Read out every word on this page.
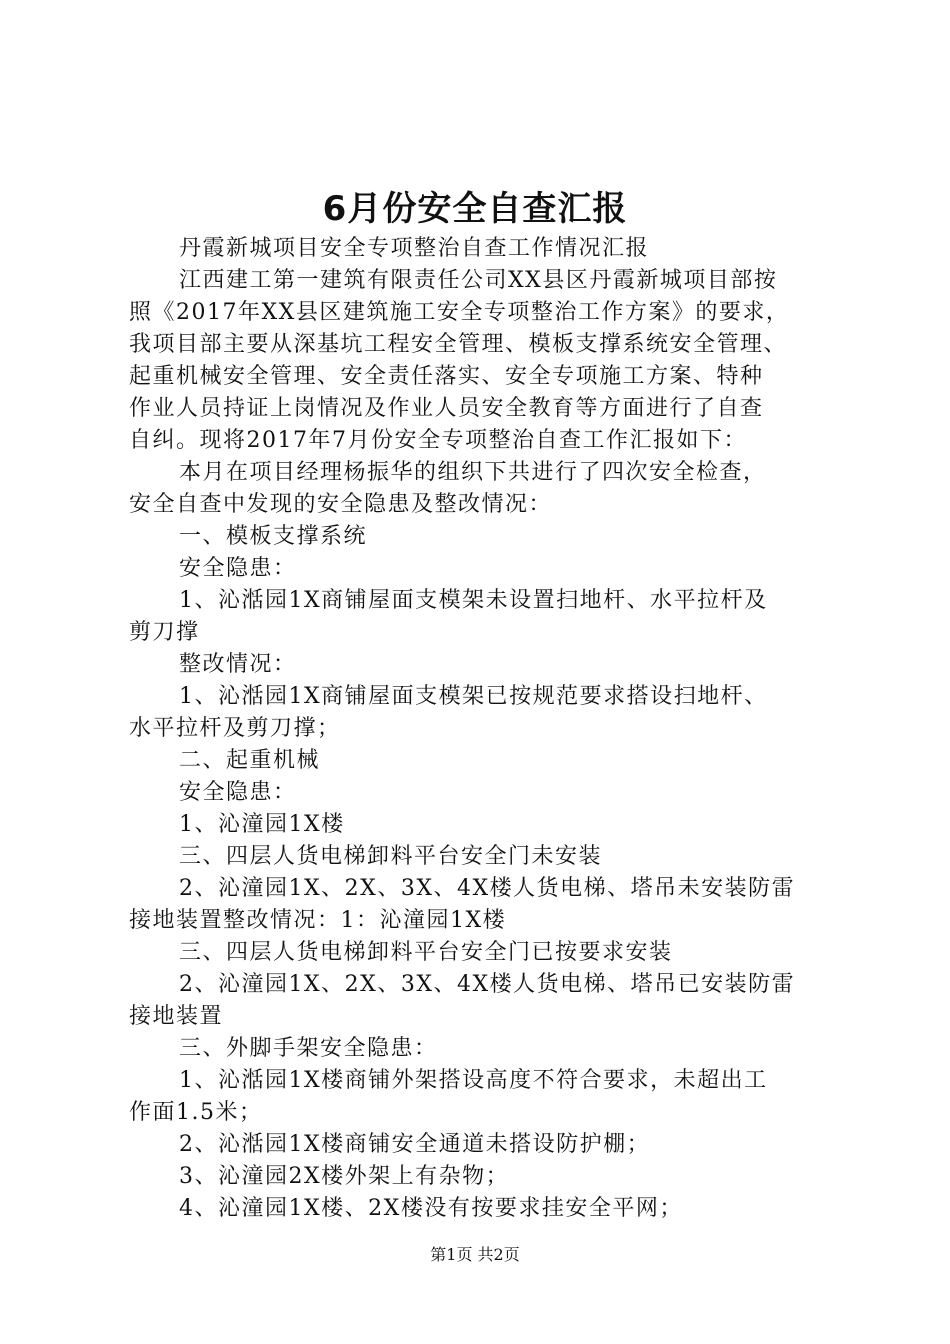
6月份安全自查汇报

丹霞新城项目安全专项整治自查工作情况汇报

江西建工第一建筑有限责任公司XX县区丹霞新城项目部按

照《2017年XX县区建筑施工安全专项整治工作方案》的要求，

我项目部主要从深基坑工程安全管理、模板支撑系统安全管理、

起重机械安全管理、安全责任落实、安全专项施工方案、特种

作业人员持证上岗情况及作业人员安全教育等方面进行了自查

自纠。现将2017年7月份安全专项整治自查工作汇报如下：

本月在项目经理杨振华的组织下共进行了四次安全检查，

安全自查中发现的安全隐患及整改情况：

一、模板支撑系统

安全隐患：

1、沁湉园1X商铺屋面支模架未设置扫地杆、水平拉杆及

剪刀撑

整改情况：

1、沁湉园1X商铺屋面支模架已按规范要求搭设扫地杆、

水平拉杆及剪刀撑；

二、起重机械

安全隐患：

1、沁潼园1X楼

三、四层人货电梯卸料平台安全门未安装

2、沁潼园1X、2X、3X、4X楼人货电梯、塔吊未安装防雷

接地装置整改情况：1：沁潼园1X楼

三、四层人货电梯卸料平台安全门已按要求安装

2、沁潼园1X、2X、3X、4X楼人货电梯、塔吊已安装防雷

接地装置

三、外脚手架安全隐患：

1、沁湉园1X楼商铺外架搭设高度不符合要求，未超出工

作面1.5米；

2、沁湉园1X楼商铺安全通道未搭设防护棚；

3、沁潼园2X楼外架上有杂物；

4、沁潼园1X楼、2X楼没有按要求挂安全平网；

第1页 共2页
